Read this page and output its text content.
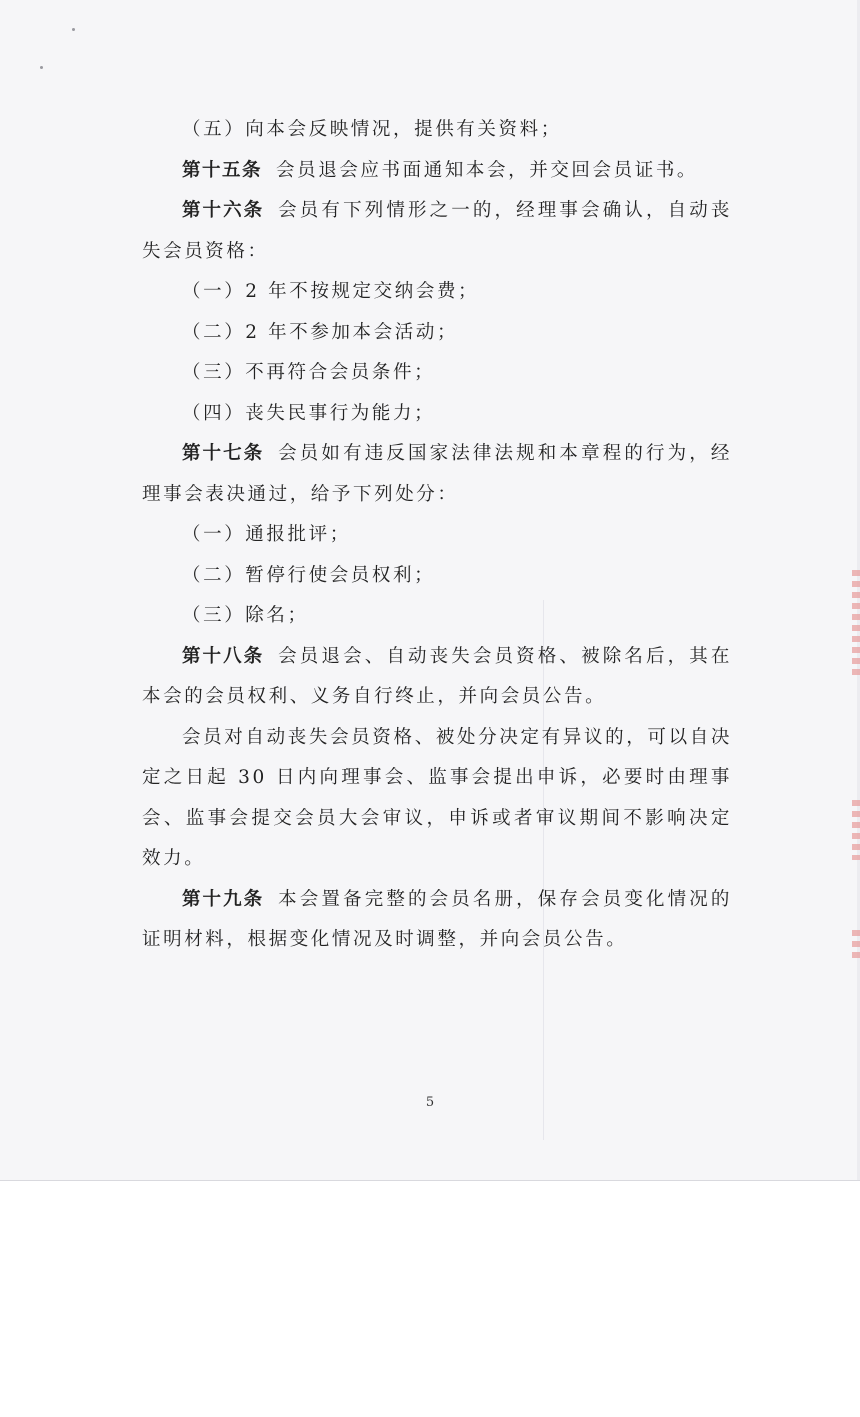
（五）向本会反映情况，提供有关资料；

第十五条 会员退会应书面通知本会，并交回会员证书。

第十六条 会员有下列情形之一的，经理事会确认，自动丧失会员资格：

（一）2 年不按规定交纳会费；

（二）2 年不参加本会活动；

（三）不再符合会员条件；

（四）丧失民事行为能力；

第十七条 会员如有违反国家法律法规和本章程的行为，经理事会表决通过，给予下列处分：

（一）通报批评；

（二）暂停行使会员权利；

（三）除名；

第十八条 会员退会、自动丧失会员资格、被除名后，其在本会的会员权利、义务自行终止，并向会员公告。

会员对自动丧失会员资格、被处分决定有异议的，可以自决定之日起 30 日内向理事会、监事会提出申诉，必要时由理事会、监事会提交会员大会审议，申诉或者审议期间不影响决定效力。

第十九条 本会置备完整的会员名册，保存会员变化情况的证明材料，根据变化情况及时调整，并向会员公告。

5
